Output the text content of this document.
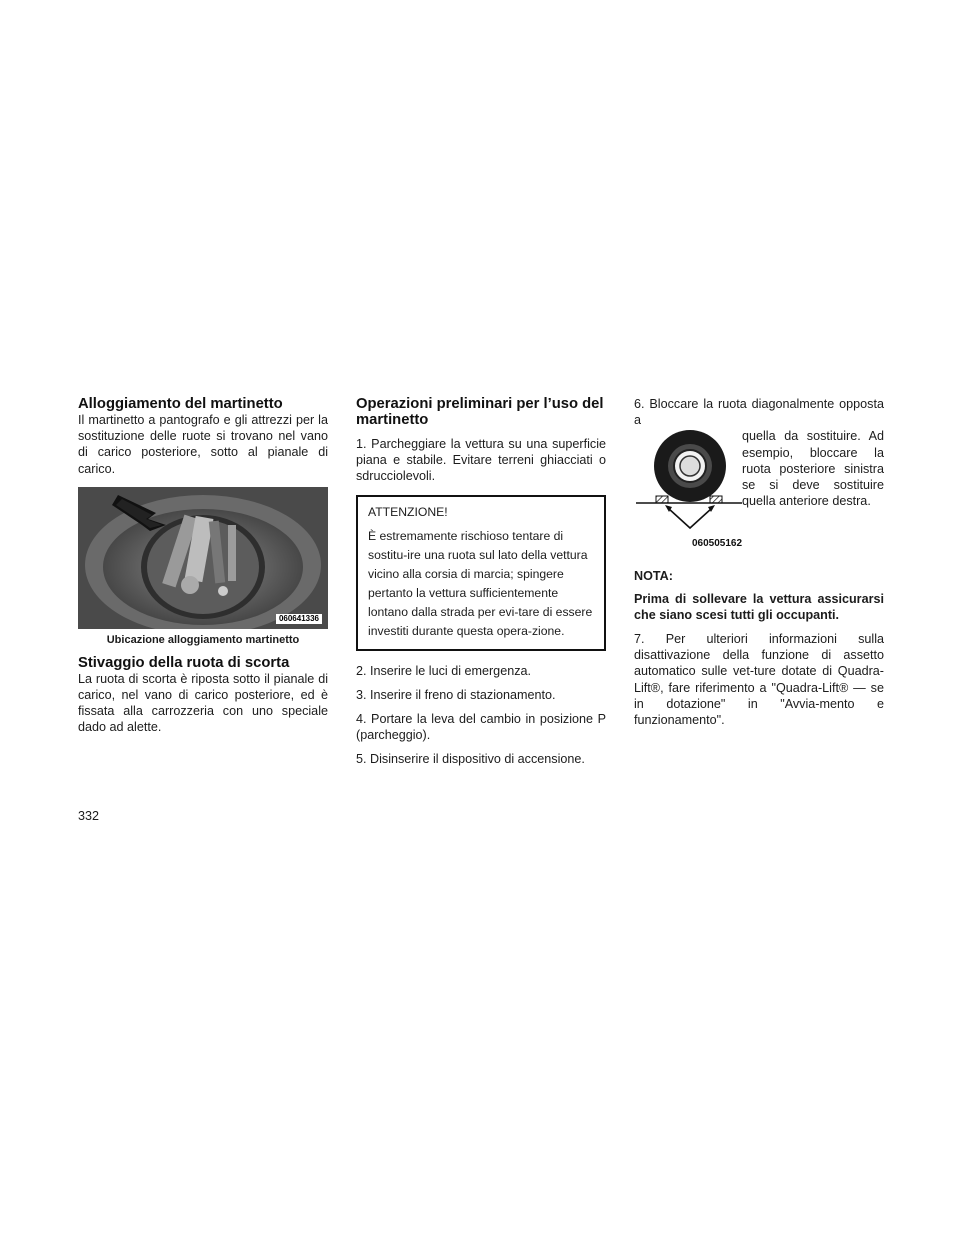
Alloggiamento del martinetto

Il martinetto a pantografo e gli attrezzi per la sostituzione delle ruote si trovano nel vano di carico posteriore, sotto al pianale di carico.

060641336
Ubicazione alloggiamento martinetto
Stivaggio della ruota di scorta

La ruota di scorta è riposta sotto il pianale di carico, nel vano di carico posteriore, ed è fissata alla carrozzeria con uno speciale dado ad alette.

Operazioni preliminari per l’uso del martinetto

1. Parcheggiare la vettura su una superficie piana e stabile. Evitare terreni ghiacciati o sdrucciolevoli.

ATTENZIONE!

È estremamente rischioso tentare di sostitu-ire una ruota sul lato della vettura vicino alla corsia di marcia; spingere pertanto la vettura sufficientemente lontano dalla strada per evi-tare di essere investiti durante questa opera-zione.

2. Inserire le luci di emergenza.

3. Inserire il freno di stazionamento.

4. Portare la leva del cambio in posizione P (parcheggio).

5. Disinserire il dispositivo di accensione.

6. Bloccare la ruota diagonalmente opposta a

060505162

quella da sostituire. Ad esempio, bloccare la ruota posteriore sinistra se si deve sostituire quella anteriore destra.

NOTA:

Prima di sollevare la vettura assicurarsi che siano scesi tutti gli occupanti.

7. Per ulteriori informazioni sulla disattivazione della funzione di assetto automatico sulle vet-ture dotate di Quadra-Lift®, fare riferimento a "Quadra-Lift® — se in dotazione" in "Avvia-mento e funzionamento".

332
